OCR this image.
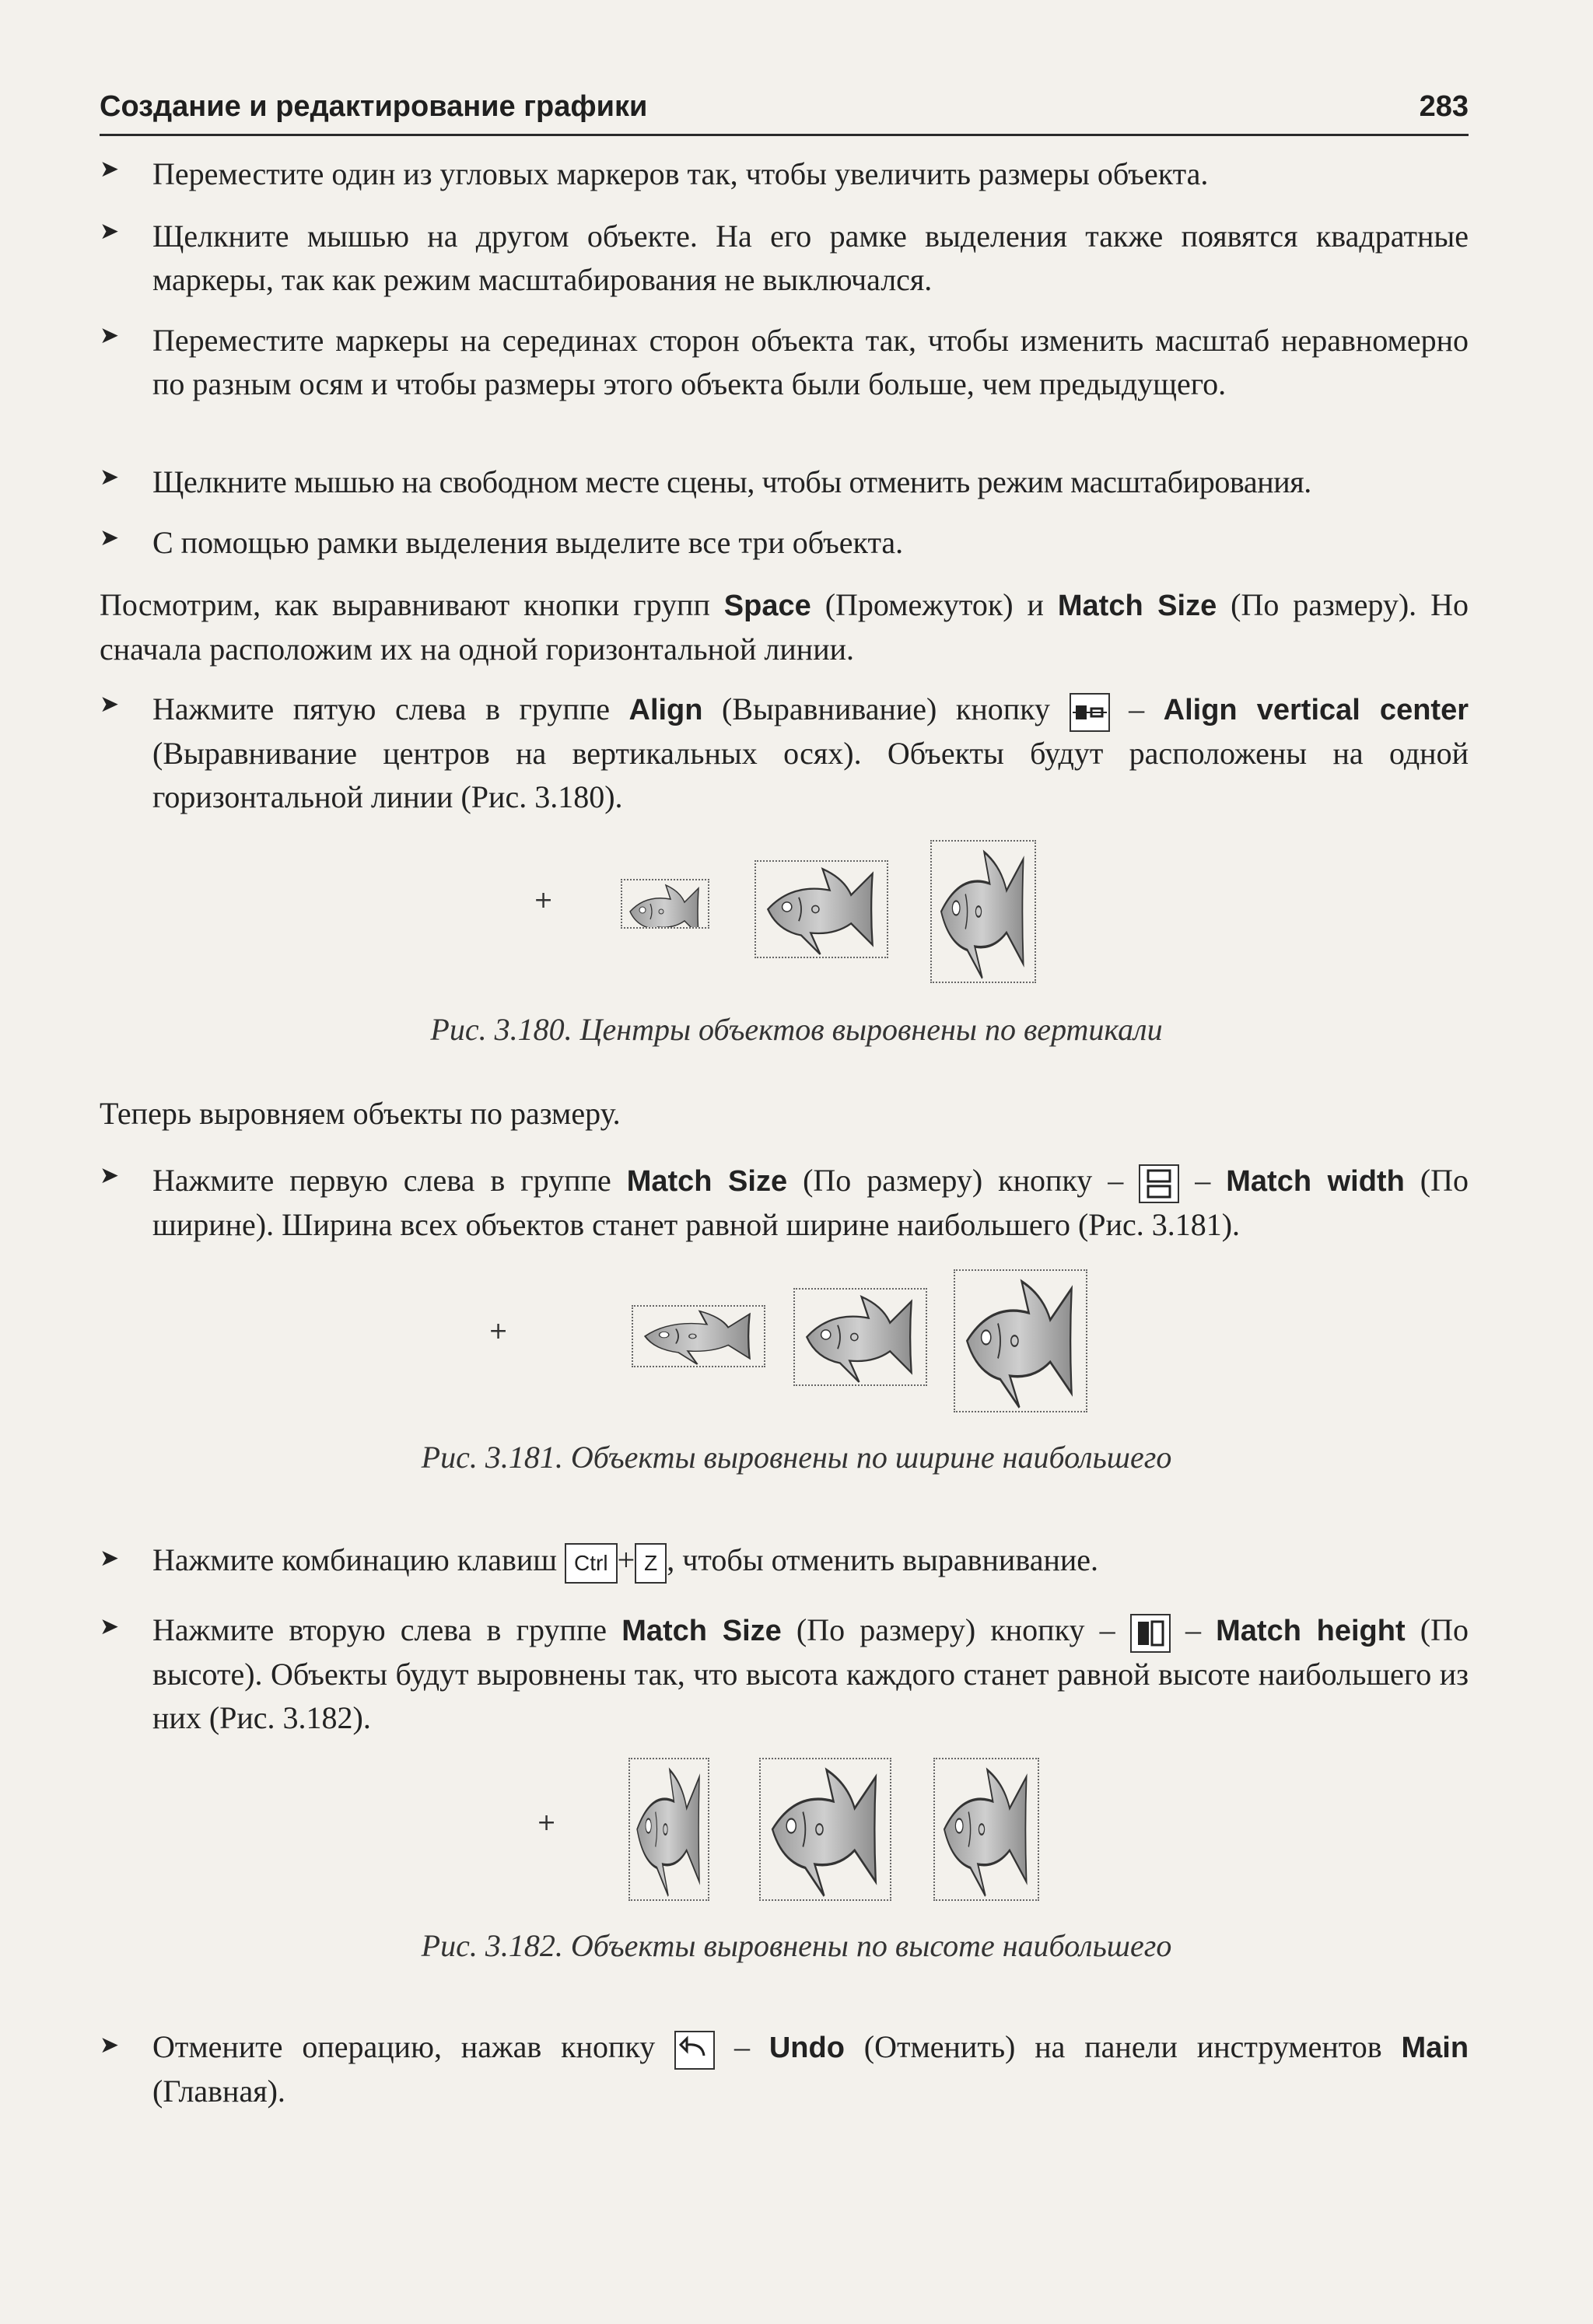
Создание и редактирование графики	283
➤ Переместите один из угловых маркеров так, чтобы увеличить размеры объекта.
➤ Щелкните мышью на другом объекте. На его рамке выделения также появятся квадратные маркеры, так как режим масштабирования не выключался.
➤ Переместите маркеры на серединах сторон объекта так, чтобы изменить масштаб неравномерно по разным осям и чтобы размеры этого объекта были больше, чем предыдущего.
➤ Щелкните мышью на свободном месте сцены, чтобы отменить режим масштабирования.
➤ С помощью рамки выделения выделите все три объекта.
Посмотрим, как выравнивают кнопки групп Space (Промежуток) и Match Size (По размеру). Но сначала расположим их на одной горизонтальной линии.
➤ Нажмите пятую слева в группе Align (Выравнивание) кнопку  – Align vertical center (Выравнивание центров на вертикальных осях). Объекты будут расположены на одной горизонтальной линии (Рис. 3.180).
+
Рис. 3.180. Центры объектов выровнены по вертикали
Теперь выровняем объекты по размеру.
➤ Нажмите первую слева в группе Match Size (По размеру) кнопку –  – Match width (По ширине). Ширина всех объектов станет равной ширине наибольшего (Рис. 3.181).
+
Рис. 3.181. Объекты выровнены по ширине наибольшего
➤ Нажмите комбинацию клавиш Ctrl + Z , чтобы отменить выравнивание.
➤ Нажмите вторую слева в группе Match Size (По размеру) кнопку –  – Match height (По высоте). Объекты будут выровнены так, что высота каждого станет равной высоте наибольшего из них (Рис. 3.182).
+
Рис. 3.182. Объекты выровнены по высоте наибольшего
➤ Отмените операцию, нажав кнопку  – Undo (Отменить) на панели инструментов Main (Главная).
